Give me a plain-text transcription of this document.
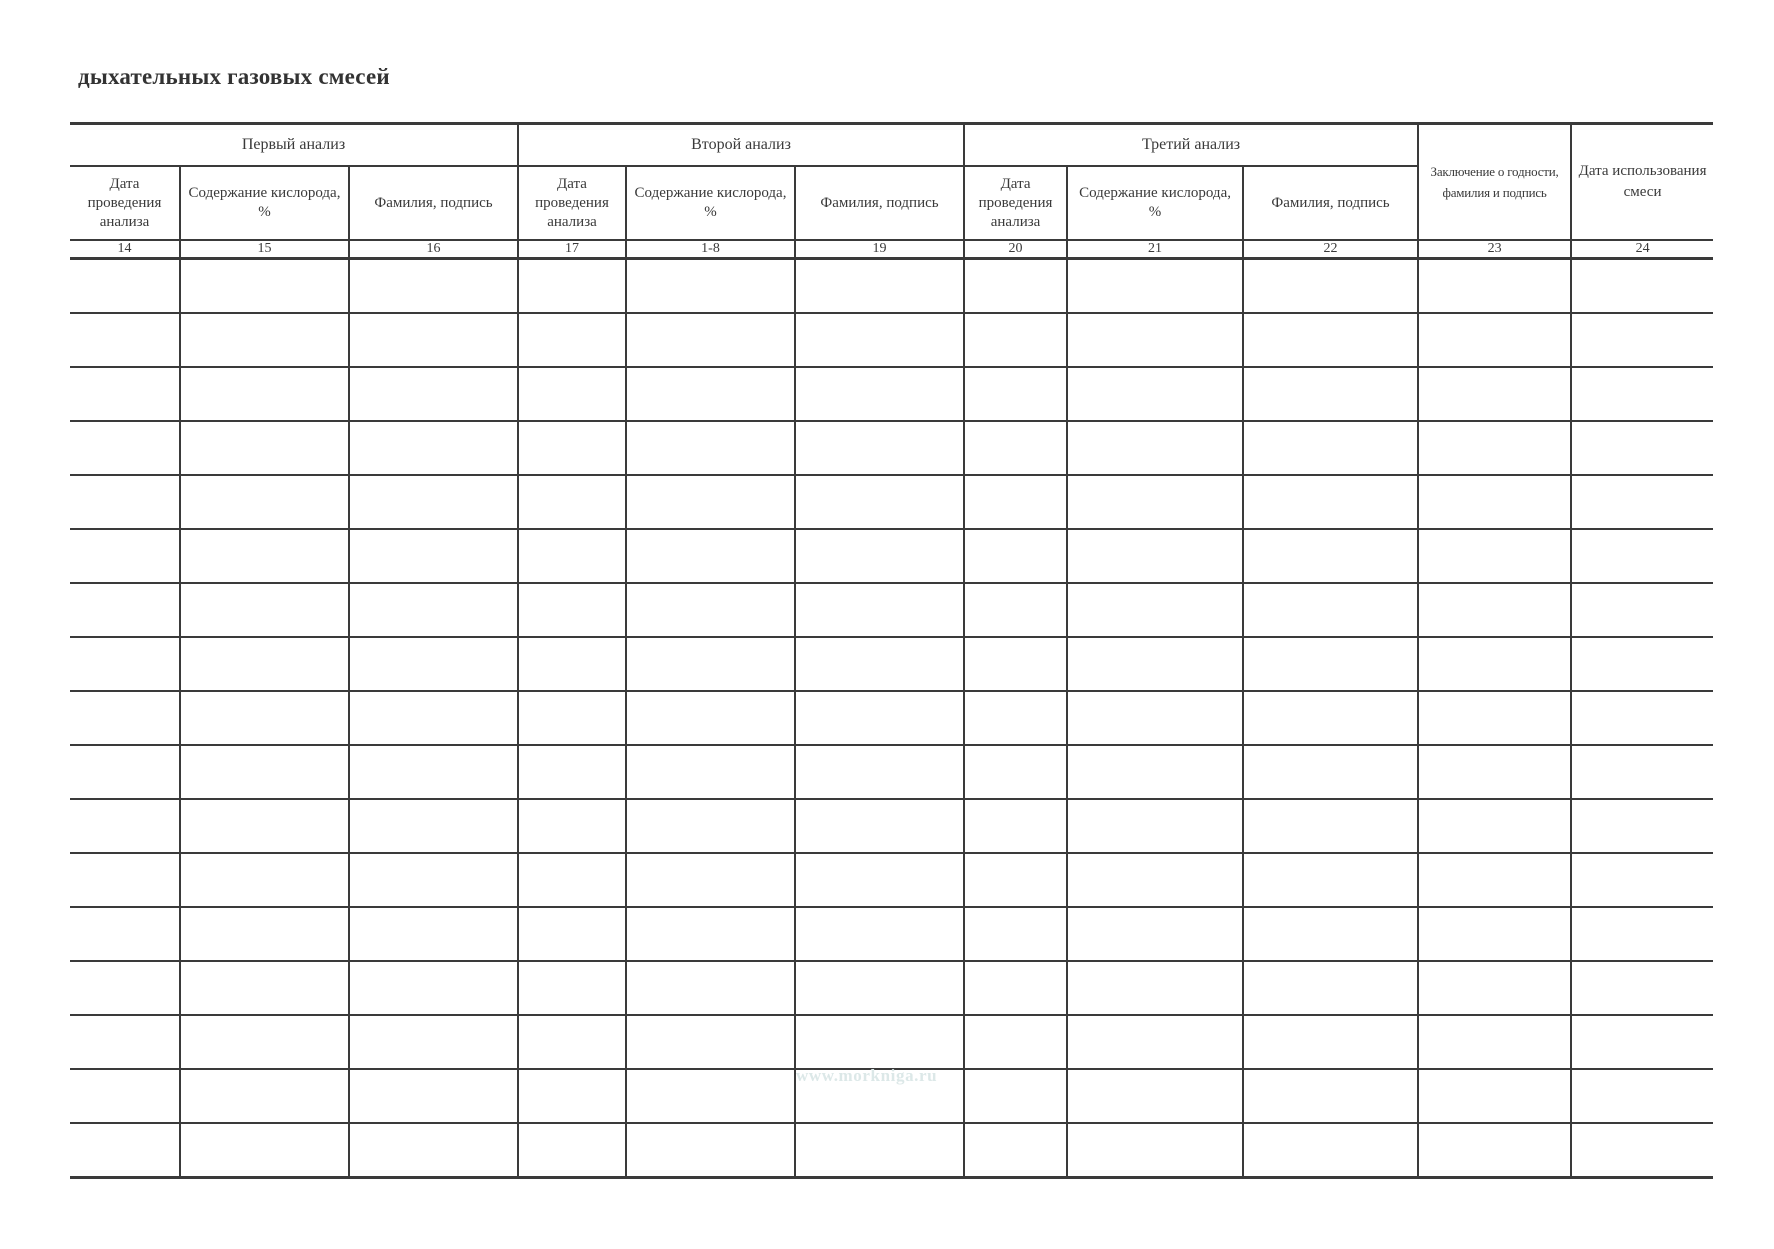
дыхательных газовых смесей
Первый анализ			Второй анализ			Третий анализ			Заключение о годности, фамилия и подпись	Дата использования смеси

Дата проведения анализа	Содержание кислорода, %	Фамилия, подпись	Дата проведения анализа	Содержание кислорода, %	Фамилия, подпись	Дата проведения анализа	Содержание кислорода, %	Фамилия, подпись		

14	15	16	17	1-8	19	20	21	22	23	24

www.morkniga.ru
